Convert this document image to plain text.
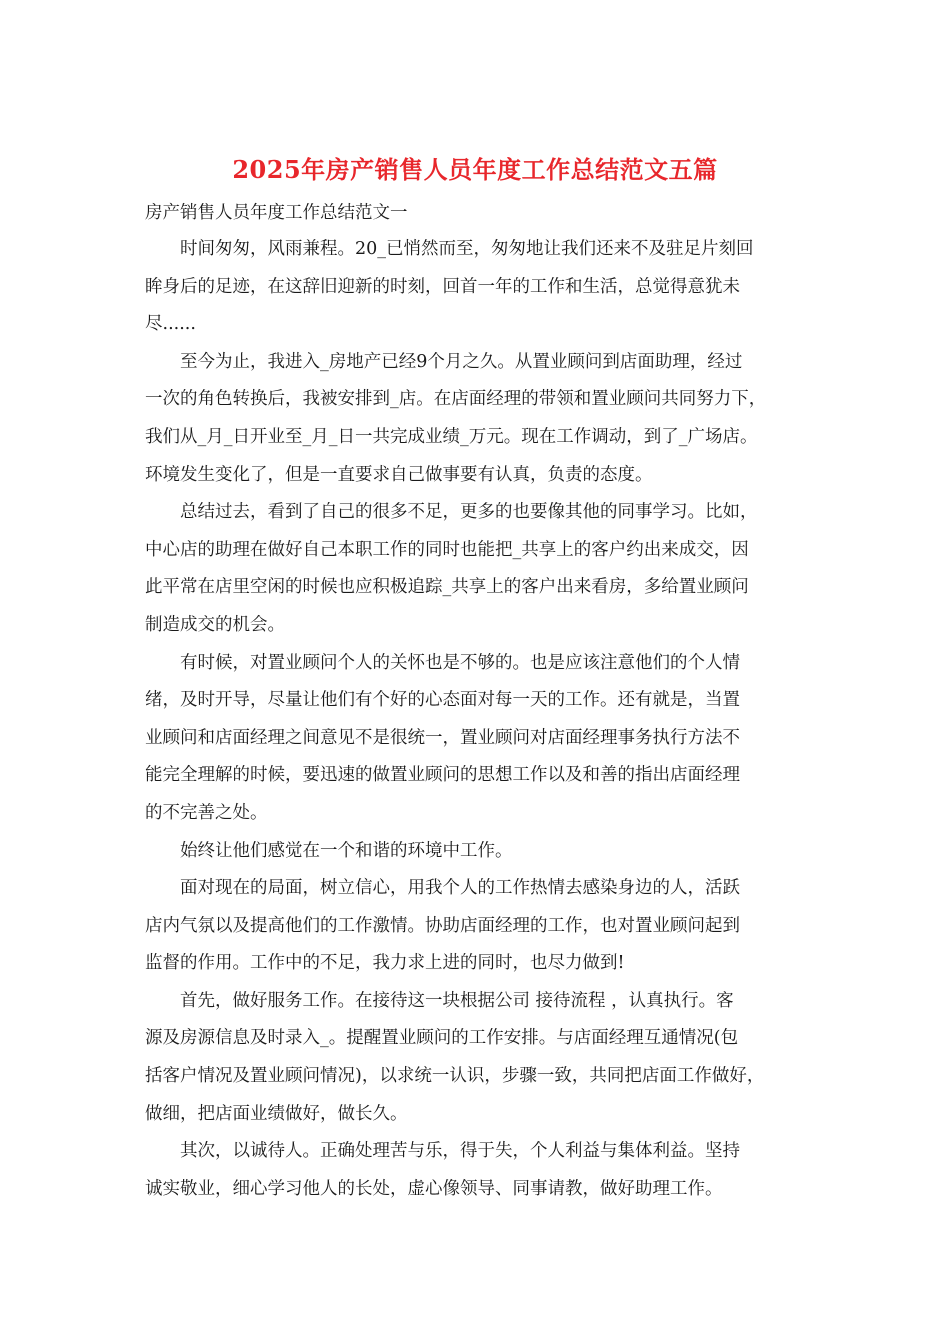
2025年房产销售人员年度工作总结范文五篇

房产销售人员年度工作总结范文一

时间匆匆，风雨兼程。20_已悄然而至，匆匆地让我们还来不及驻足片刻回
眸身后的足迹，在这辞旧迎新的时刻，回首一年的工作和生活，总觉得意犹未
尽......

至今为止，我进入_房地产已经9个月之久。从置业顾问到店面助理，经过
一次的角色转换后，我被安排到_店。在店面经理的带领和置业顾问共同努力下，
我们从_月_日开业至_月_日一共完成业绩_万元。现在工作调动，到了_广场店。
环境发生变化了，但是一直要求自己做事要有认真，负责的态度。

总结过去，看到了自己的很多不足，更多的也要像其他的同事学习。比如，
中心店的助理在做好自己本职工作的同时也能把_共享上的客户约出来成交，因
此平常在店里空闲的时候也应积极追踪_共享上的客户出来看房，多给置业顾问
制造成交的机会。

有时候，对置业顾问个人的关怀也是不够的。也是应该注意他们的个人情
绪，及时开导，尽量让他们有个好的心态面对每一天的工作。还有就是，当置
业顾问和店面经理之间意见不是很统一，置业顾问对店面经理事务执行方法不
能完全理解的时候，要迅速的做置业顾问的思想工作以及和善的指出店面经理
的不完善之处。

始终让他们感觉在一个和谐的环境中工作。

面对现在的局面，树立信心，用我个人的工作热情去感染身边的人，活跃
店内气氛以及提高他们的工作激情。协助店面经理的工作，也对置业顾问起到
监督的作用。工作中的不足，我力求上进的同时，也尽力做到!

首先，做好服务工作。在接待这一块根据公司 接待流程 ，认真执行。客
源及房源信息及时录入_。提醒置业顾问的工作安排。与店面经理互通情况(包
括客户情况及置业顾问情况)，以求统一认识，步骤一致，共同把店面工作做好，
做细，把店面业绩做好，做长久。

其次，以诚待人。正确处理苦与乐，得于失，个人利益与集体利益。坚持
诚实敬业，细心学习他人的长处，虚心像领导、同事请教，做好助理工作。
